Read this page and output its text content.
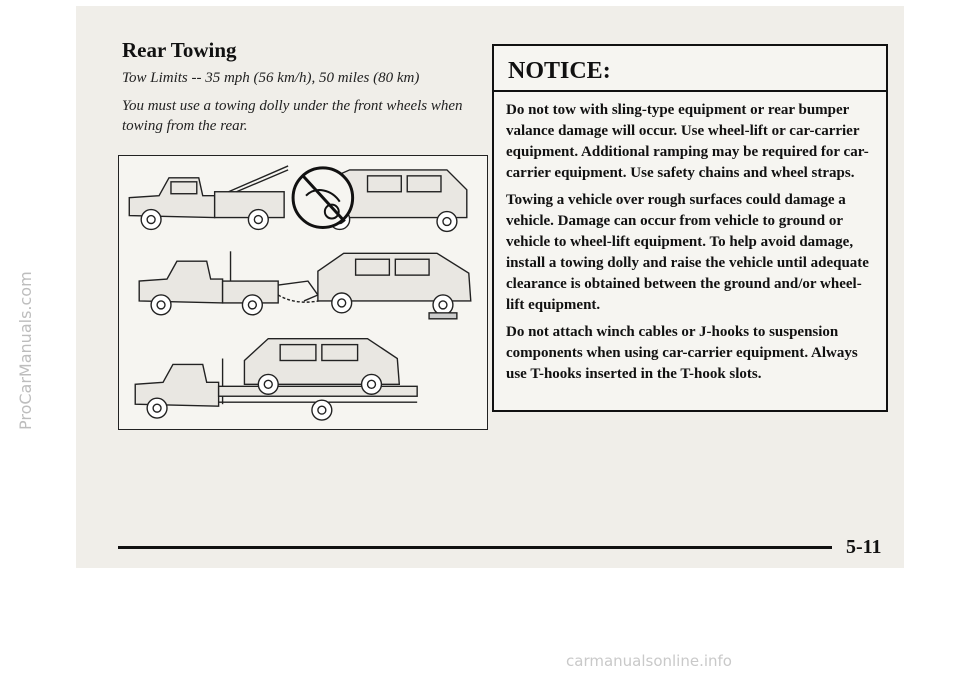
ProCarManuals.com
Rear Towing
Tow Limits -- 35 mph (56 km/h), 50 miles (80 km)
You must use a towing dolly under the front wheels when towing from the rear.
NOTICE:

Do not tow with sling-type equipment or rear bumper valance damage will occur. Use wheel-lift or car-carrier equipment. Additional ramping may be required for car-carrier equipment. Use safety chains and wheel straps.

Towing a vehicle over rough surfaces could damage a vehicle. Damage can occur from vehicle to ground or vehicle to wheel-lift equipment. To help avoid damage, install a towing dolly and raise the vehicle until adequate clearance is obtained between the ground and/or wheel-lift equipment.

Do not attach winch cables or J-hooks to suspension components when using car-carrier equipment. Always use T-hooks inserted in the T-hook slots.

5-11
carmanualsonline.info
